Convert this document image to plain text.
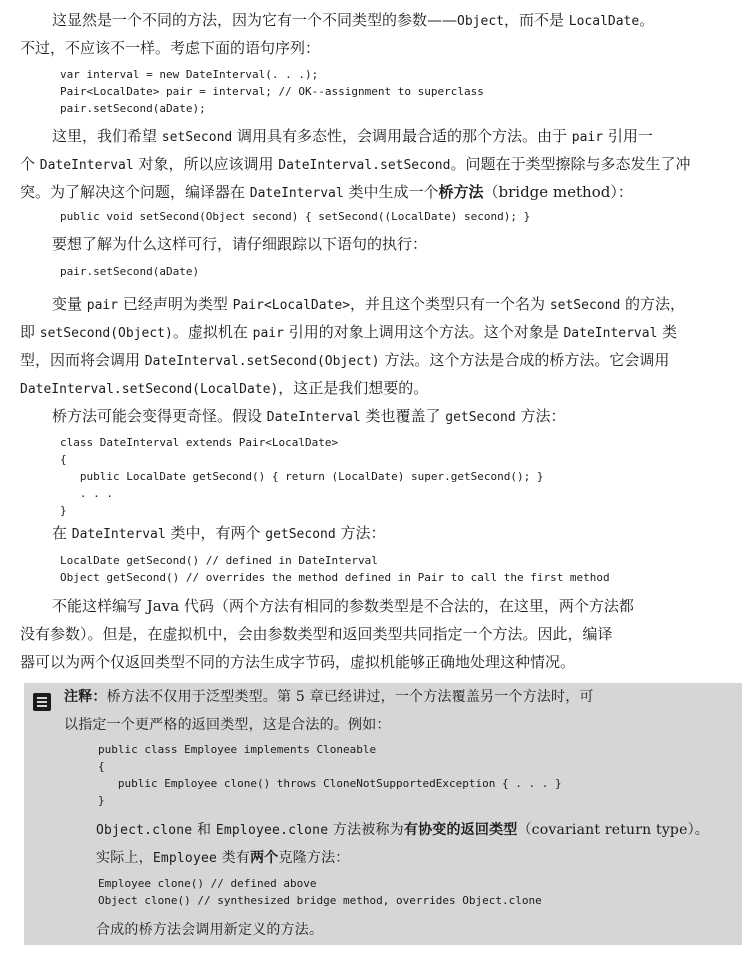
这显然是一个不同的方法，因为它有一个不同类型的参数——Object，而不是 LocalDate。
不过，不应该不一样。考虑下面的语句序列：
var interval = new DateInterval(. . .);
Pair<LocalDate> pair = interval; // OK--assignment to superclass
pair.setSecond(aDate);
这里，我们希望 setSecond 调用具有多态性，会调用最合适的那个方法。由于 pair 引用一
个 DateInterval 对象，所以应该调用 DateInterval.setSecond。问题在于类型擦除与多态发生了冲
突。为了解决这个问题，编译器在 DateInterval 类中生成一个桥方法（bridge method）：
public void setSecond(Object second) { setSecond((LocalDate) second); }
要想了解为什么这样可行，请仔细跟踪以下语句的执行：
pair.setSecond(aDate)
变量 pair 已经声明为类型 Pair<LocalDate>，并且这个类型只有一个名为 setSecond 的方法，
即 setSecond(Object)。虚拟机在 pair 引用的对象上调用这个方法。这个对象是 DateInterval 类
型，因而将会调用 DateInterval.setSecond(Object) 方法。这个方法是合成的桥方法。它会调用
DateInterval.setSecond(LocalDate)，这正是我们想要的。
桥方法可能会变得更奇怪。假设 DateInterval 类也覆盖了 getSecond 方法：
class DateInterval extends Pair<LocalDate>
{
public LocalDate getSecond() { return (LocalDate) super.getSecond(); }
. . .
}
在 DateInterval 类中，有两个 getSecond 方法：
LocalDate getSecond() // defined in DateInterval
Object getSecond() // overrides the method defined in Pair to call the first method
不能这样编写 Java 代码（两个方法有相同的参数类型是不合法的，在这里，两个方法都
没有参数）。但是，在虚拟机中，会由参数类型和返回类型共同指定一个方法。因此，编译
器可以为两个仅返回类型不同的方法生成字节码，虚拟机能够正确地处理这种情况。
注释：桥方法不仅用于泛型类型。第 5 章已经讲过，一个方法覆盖另一个方法时，可
以指定一个更严格的返回类型，这是合法的。例如：
public class Employee implements Cloneable
{
public Employee clone() throws CloneNotSupportedException { . . . }
}
Object.clone 和 Employee.clone 方法被称为有协变的返回类型（covariant return type）。
实际上，Employee 类有两个克隆方法：
Employee clone() // defined above
Object clone() // synthesized bridge method, overrides Object.clone
合成的桥方法会调用新定义的方法。
